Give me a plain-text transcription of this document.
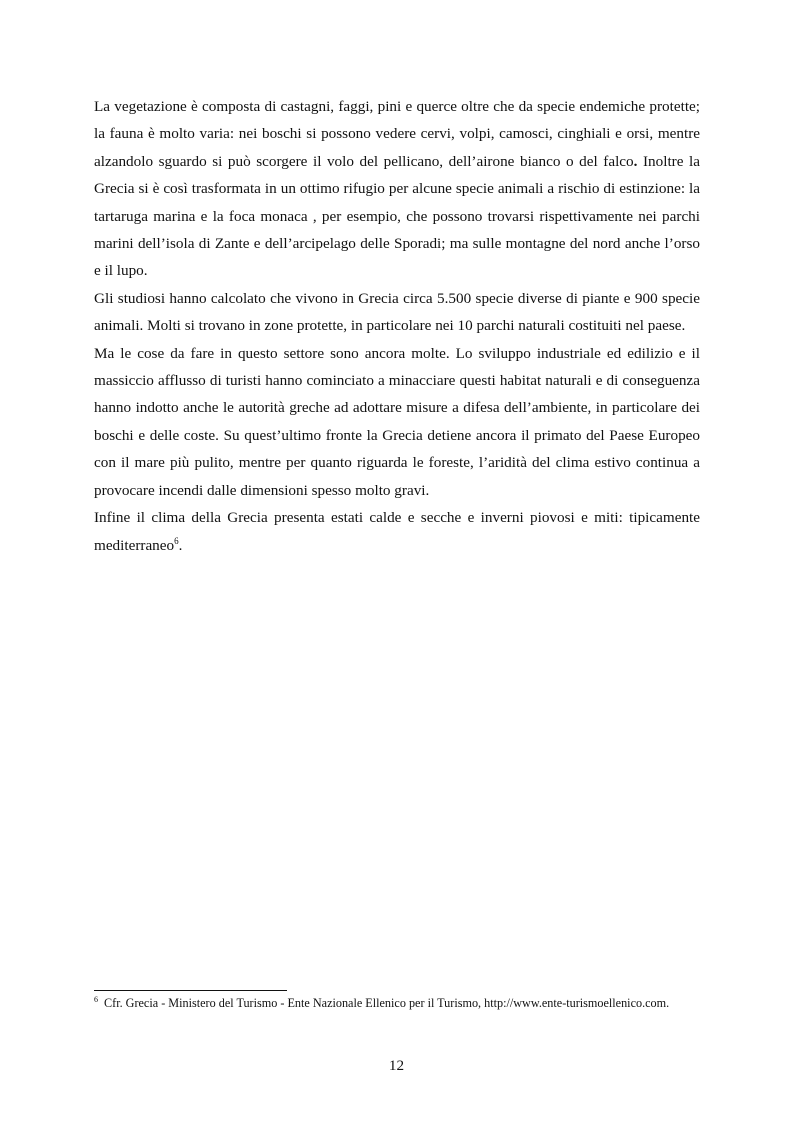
La vegetazione è composta di castagni, faggi, pini e querce oltre che da specie endemiche protette; la fauna è molto varia: nei boschi si possono vedere cervi, volpi, camosci, cinghiali e orsi, mentre alzandolo sguardo si può scorgere il volo del pellicano, dell’airone bianco o del falco. Inoltre la Grecia si è così trasformata in un ottimo rifugio per alcune specie animali a rischio di estinzione: la tartaruga marina e la foca monaca , per esempio, che possono trovarsi rispettivamente nei parchi marini dell’isola di Zante e dell’arcipelago delle Sporadi; ma sulle montagne del nord anche l’orso e il lupo.

Gli studiosi hanno calcolato che vivono in Grecia circa 5.500 specie diverse di piante e 900 specie animali. Molti si trovano in zone protette, in particolare nei 10 parchi naturali costituiti nel paese.

Ma le cose da fare in questo settore sono ancora molte. Lo sviluppo industriale ed edilizio e il massiccio afflusso di turisti hanno cominciato a minacciare questi habitat naturali e di conseguenza hanno indotto anche le autorità greche ad adottare misure a difesa dell’ambiente, in particolare dei boschi e delle coste. Su quest’ultimo fronte la Grecia detiene ancora il primato del Paese Europeo con il mare più pulito, mentre per quanto riguarda le foreste, l’aridità del clima estivo continua a provocare incendi dalle dimensioni spesso molto gravi.

Infine il clima della Grecia presenta estati calde e secche e inverni piovosi e miti: tipicamente mediterraneo$^6$.

$^6$ Cfr. Grecia - Ministero del Turismo - Ente Nazionale Ellenico per il Turismo, http://www.ente-turismoellenico.com.
12
